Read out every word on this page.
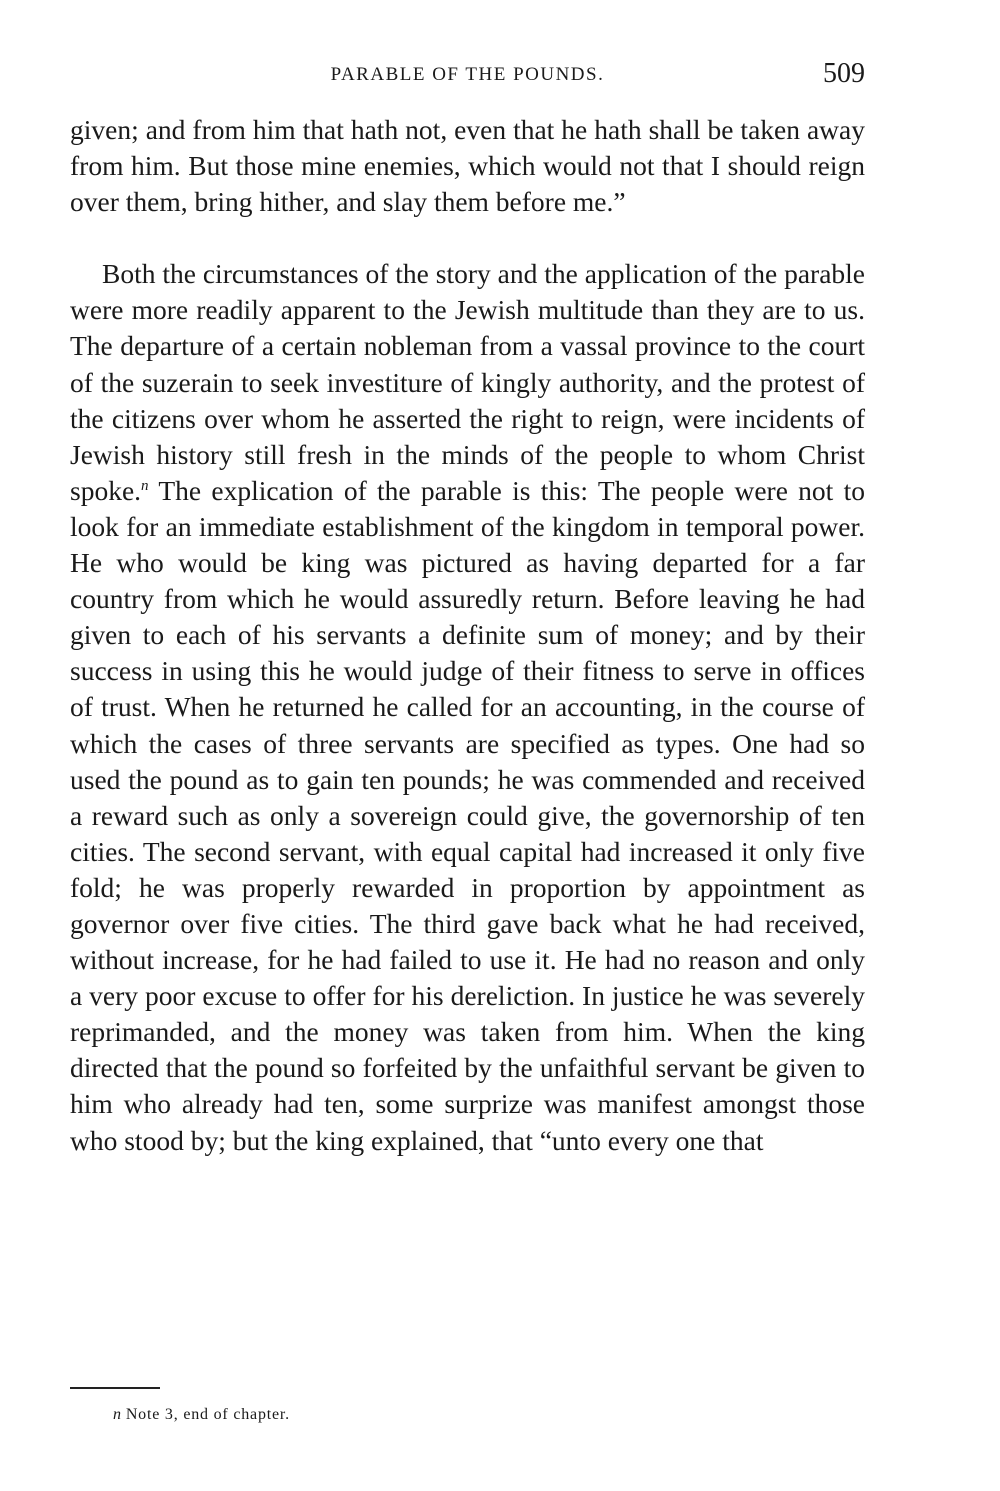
PARABLE OF THE POUNDS.	509

given; and from him that hath not, even that he hath shall be taken away from him. But those mine enemies, which would not that I should reign over them, bring hither, and slay them before me.”

Both the circumstances of the story and the application of the parable were more readily apparent to the Jewish multitude than they are to us. The departure of a certain nobleman from a vassal province to the court of the suzerain to seek investiture of kingly authority, and the protest of the citizens over whom he asserted the right to reign, were incidents of Jewish history still fresh in the minds of the people to whom Christ spoke.$^n$ The explication of the parable is this: The people were not to look for an immediate establishment of the kingdom in temporal power. He who would be king was pictured as having departed for a far country from which he would assuredly return. Before leaving he had given to each of his servants a definite sum of money; and by their success in using this he would judge of their fitness to serve in offices of trust. When he returned he called for an accounting, in the course of which the cases of three servants are specified as types. One had so used the pound as to gain ten pounds; he was commended and received a reward such as only a sovereign could give, the governorship of ten cities. The second servant, with equal capital had increased it only five fold; he was properly rewarded in proportion by appointment as governor over five cities. The third gave back what he had received, without increase, for he had failed to use it. He had no reason and only a very poor excuse to offer for his dereliction. In justice he was severely reprimanded, and the money was taken from him. When the king directed that the pound so forfeited by the unfaithful servant be given to him who already had ten, some surprize was manifest amongst those who stood by; but the king explained, that “unto every one that

n Note 3, end of chapter.
